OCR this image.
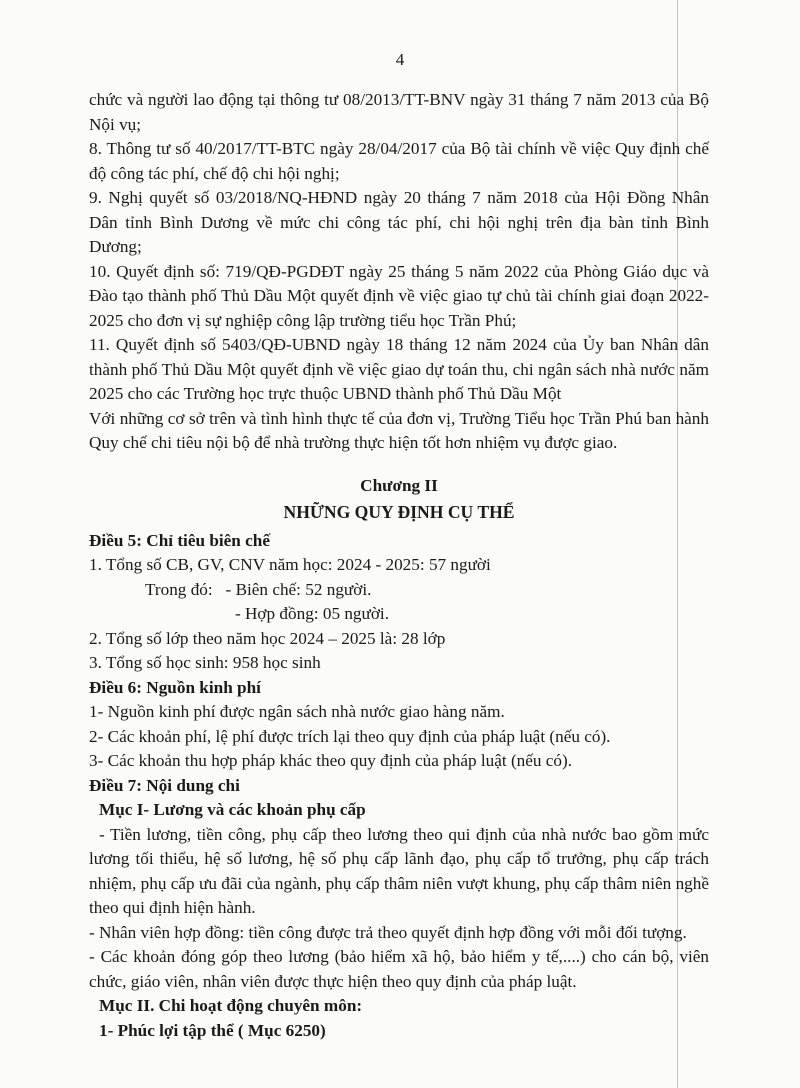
4

chức và người lao động tại thông tư 08/2013/TT-BNV ngày 31 tháng 7 năm 2013 của Bộ Nội vụ;

8. Thông tư số 40/2017/TT-BTC ngày 28/04/2017 của Bộ tài chính về việc Quy định chế độ công tác phí, chế độ chi hội nghị;

9. Nghị quyết số 03/2018/NQ-HĐND ngày 20 tháng 7 năm 2018 của Hội Đồng Nhân Dân tỉnh Bình Dương về mức chi công tác phí, chi hội nghị trên địa bàn tỉnh Bình Dương;

10. Quyết định số: 719/QĐ-PGDĐT ngày 25 tháng 5 năm 2022 của Phòng Giáo dục và Đào tạo thành phố Thủ Dầu Một quyết định về việc giao tự chủ tài chính giai đoạn 2022-2025 cho đơn vị sự nghiệp công lập trường tiểu học Trần Phú;

11. Quyết định số 5403/QĐ-UBND ngày 18 tháng 12 năm 2024 của Ủy ban Nhân dân thành phố Thủ Dầu Một quyết định về việc giao dự toán thu, chi ngân sách nhà nước năm 2025 cho các Trường học trực thuộc UBND thành phố Thủ Dầu Một

Với những cơ sở trên và tình hình thực tế của đơn vị, Trường Tiểu học Trần Phú ban hành Quy chế chi tiêu nội bộ để nhà trường thực hiện tốt hơn nhiệm vụ được giao.

Chương II

NHỮNG QUY ĐỊNH CỤ THỂ

Điều 5: Chỉ tiêu biên chế

1. Tổng số CB, GV, CNV năm học: 2024 - 2025: 57 người

Trong đó:   - Biên chế: 52 người.

- Hợp đồng: 05 người.

2. Tổng số lớp theo năm học 2024 – 2025 là: 28 lớp

3. Tổng số học sinh: 958 học sinh

Điều 6: Nguồn kinh phí

1- Nguồn kinh phí được ngân sách nhà nước giao hàng năm.

2- Các khoản phí, lệ phí được trích lại theo quy định của pháp luật (nếu có).

3- Các khoản thu hợp pháp khác theo quy định của pháp luật (nếu có).

Điều 7: Nội dung chi

Mục I- Lương và các khoản phụ cấp

- Tiền lương, tiền công, phụ cấp theo lương theo qui định của nhà nước bao gồm mức lương tối thiểu, hệ số lương, hệ số phụ cấp lãnh đạo, phụ cấp tổ trưởng, phụ cấp trách nhiệm, phụ cấp ưu đãi của ngành, phụ cấp thâm niên vượt khung, phụ cấp thâm niên nghề theo qui định hiện hành.

- Nhân viên hợp đồng: tiền công được trả theo quyết định hợp đồng với mỗi đối tượng.

- Các khoản đóng góp theo lương (bảo hiểm xã hộ, bảo hiểm y tế,....) cho cán bộ, viên chức, giáo viên, nhân viên được thực hiện theo quy định của pháp luật.

Mục II. Chi hoạt động chuyên môn:

1- Phúc lợi tập thể ( Mục 6250)
